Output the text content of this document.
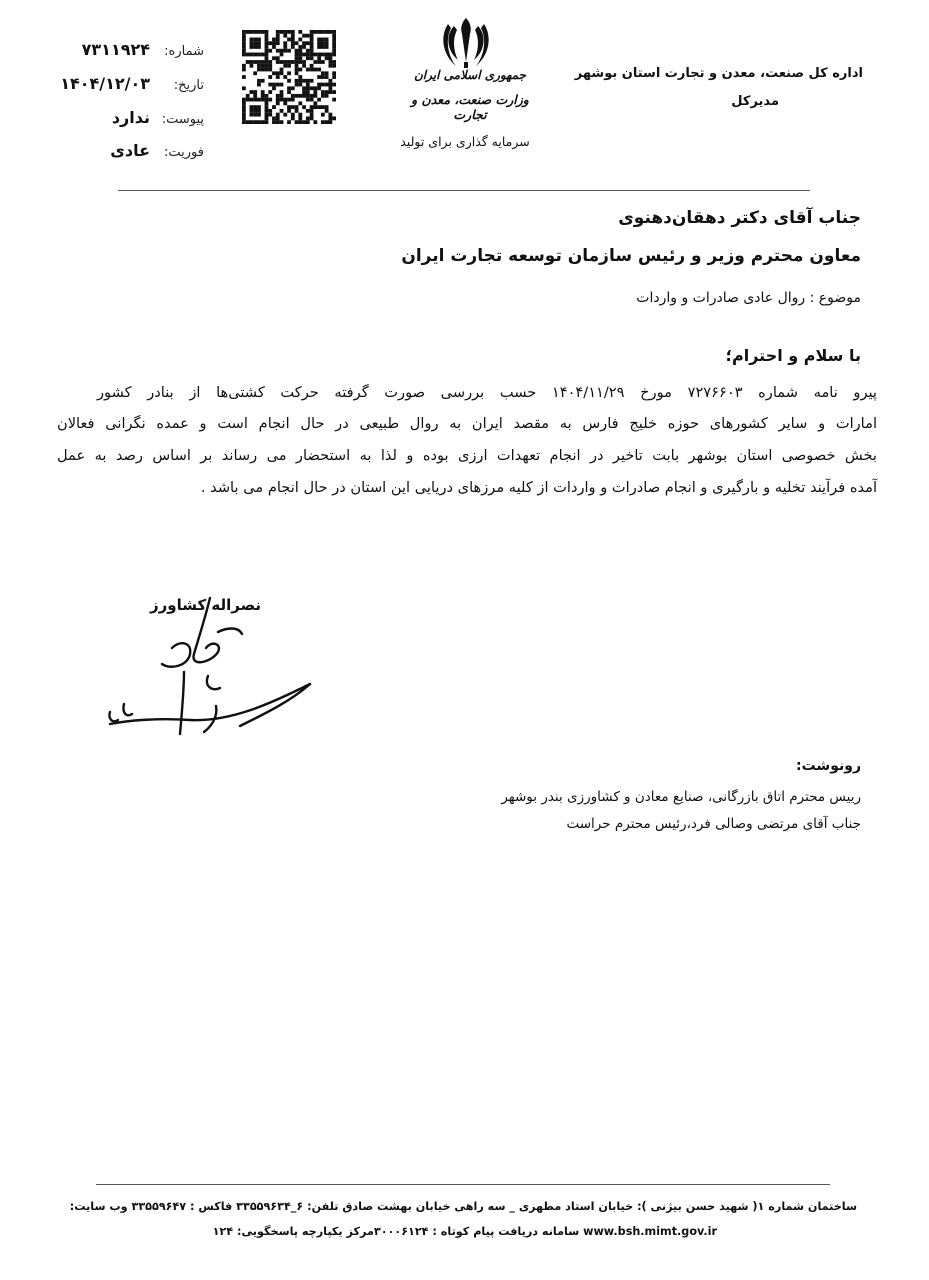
اداره کل صنعت، معدن و تجارت استان بوشهر
مدیرکل
جمهوری اسلامی ایران
وزارت صنعت، معدن و تجارت
سرمایه گذاری برای تولید
شماره:
۷۳۱۱۹۲۴
تاریخ:
۱۴۰۴/۱۲/۰۳
پیوست:
ندارد
فوریت:
عادی
جناب آقای دکتر دهقان‌دهنوی
معاون محترم وزیر و رئیس سازمان توسعه تجارت ایران
موضوع : روال عادی صادرات و واردات
با سلام و احترام؛
پیرو نامه شماره ۷۲۷۶۶۰۳ مورخ ۱۴۰۴/۱۱/۲۹ حسب بررسی صورت گرفته حرکت کشتی‌ها از بنادر کشور
امارات و سایر کشورهای حوزه خلیج فارس به مقصد ایران به روال طبیعی در حال انجام است و عمده نگرانی فعالان
بخش خصوصی استان بوشهر بابت تاخیر در انجام تعهدات ارزی بوده و لذا به استحضار می رساند بر اساس رصد به عمل
آمده فرآیند تخلیه و بارگیری و انجام صادرات و واردات از کلیه مرزهای دریایی این استان در حال انجام می باشد .
نصراله کشاورز
رونوشت:
رییس محترم اتاق بازرگانی، صنایع معادن و کشاورزی بندر بوشهر
جناب آقای مرتضی وصالی فرد،رئیس محترم حراست
ساختمان شماره ۱( شهید حسن بیژنی ): خیابان استاد مطهری _ سه راهی خیابان بهشت صادق تلفن: ۶_۳۳۵۵۹۶۳۴ فاکس : ۳۳۵۵۹۶۴۷ وب سایت:
www.bsh.mimt.gov.ir سامانه دریافت پیام کوتاه : ۳۰۰۰۶۱۲۴مرکز یکپارچه پاسخگویی: ۱۲۴
